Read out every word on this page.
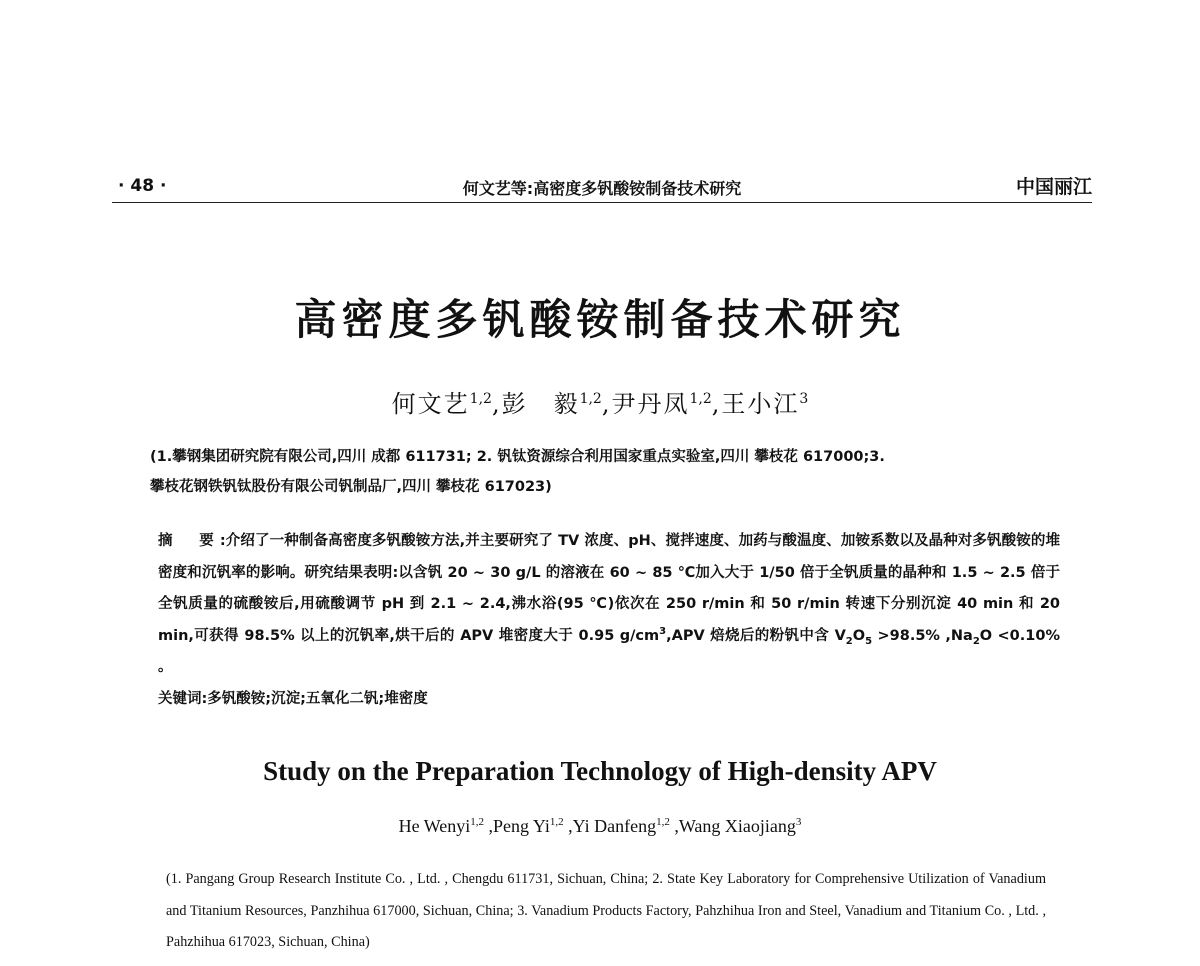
· 48 ·	何文艺等:高密度多钒酸铵制备技术研究	中国丽江
高密度多钒酸铵制备技术研究
何文艺$^{1,2}$,彭　毅$^{1,2}$,尹丹凤$^{1,2}$,王小江$^3$
(1.攀钢集团研究院有限公司,四川 成都 611731; 2. 钒钛资源综合利用国家重点实验室,四川 攀枝花 617000;3.
攀枝花钢铁钒钛股份有限公司钒制品厂,四川 攀枝花 617023)
摘　要:介绍了一种制备高密度多钒酸铵方法,并主要研究了 TV 浓度、pH、搅拌速度、加药与酸温度、加铵系数以及晶种对多钒酸铵的堆密度和沉钒率的影响。研究结果表明:以含钒 20 ~ 30 g/L 的溶液在 60 ~ 85 ℃加入大于 1/50 倍于全钒质量的晶种和 1.5 ~ 2.5 倍于全钒质量的硫酸铵后,用硫酸调节 pH 到 2.1 ~ 2.4,沸水浴(95 ℃)依次在 250 r/min 和 50 r/min 转速下分别沉淀 40 min 和 20 min,可获得 98.5% 以上的沉钒率,烘干后的 APV 堆密度大于 0.95 $g/cm^3,APV$ 焙烧后的粉钒中含 $V_2O_5 >98.5\%$ $,Na_2O <0.10\%$ 。
关键词:多钒酸铵;沉淀;五氧化二钒;堆密度
Study on the Preparation Technology of High-density APV
He Wenyi$^{1,2}$ ,Peng Yi$^{1,2}$ ,Yi Danfeng$^{1,2}$ ,Wang Xiaojiang$^3$
(1. Pangang Group Research Institute Co. , Ltd. , Chengdu 611731, Sichuan, China; 2. State Key Laboratory for Comprehensive Utilization of Vanadium and Titanium Resources, Panzhihua 617000, Sichuan, China; 3. Vanadium Products Factory, Pahzhihua Iron and Steel, Vanadium and Titanium Co. , Ltd. , Pahzhihua 617023, Sichuan, China)
